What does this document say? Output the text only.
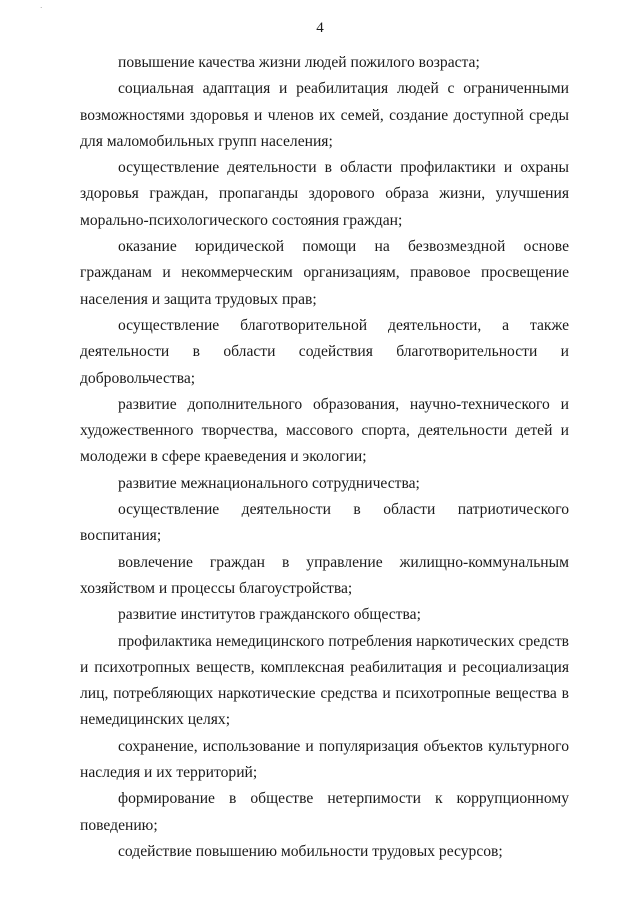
·
4

повышение качества жизни людей пожилого возраста;

социальная адаптация и реабилитация людей с ограниченными возможностями здоровья и членов их семей, создание доступной среды для маломобильных групп населения;

осуществление деятельности в области профилактики и охраны здоровья граждан, пропаганды здорового образа жизни, улучшения морально-психологического состояния граждан;

оказание юридической помощи на безвозмездной основе гражданам и некоммерческим организациям, правовое просвещение населения и защита трудовых прав;

осуществление благотворительной деятельности, а также деятельности в области содействия благотворительности и добровольчества;

развитие дополнительного образования, научно-технического и художественного творчества, массового спорта, деятельности детей и молодежи в сфере краеведения и экологии;

развитие межнационального сотрудничества;

осуществление деятельности в области патриотического воспитания;

вовлечение граждан в управление жилищно-коммунальным хозяйством и процессы благоустройства;

развитие институтов гражданского общества;

профилактика немедицинского потребления наркотических средств и психотропных веществ, комплексная реабилитация и ресоциализация лиц, потребляющих наркотические средства и психотропные вещества в немедицинских целях;

сохранение, использование и популяризация объектов культурного наследия и их территорий;

формирование в обществе нетерпимости к коррупционному поведению;

содействие повышению мобильности трудовых ресурсов;
